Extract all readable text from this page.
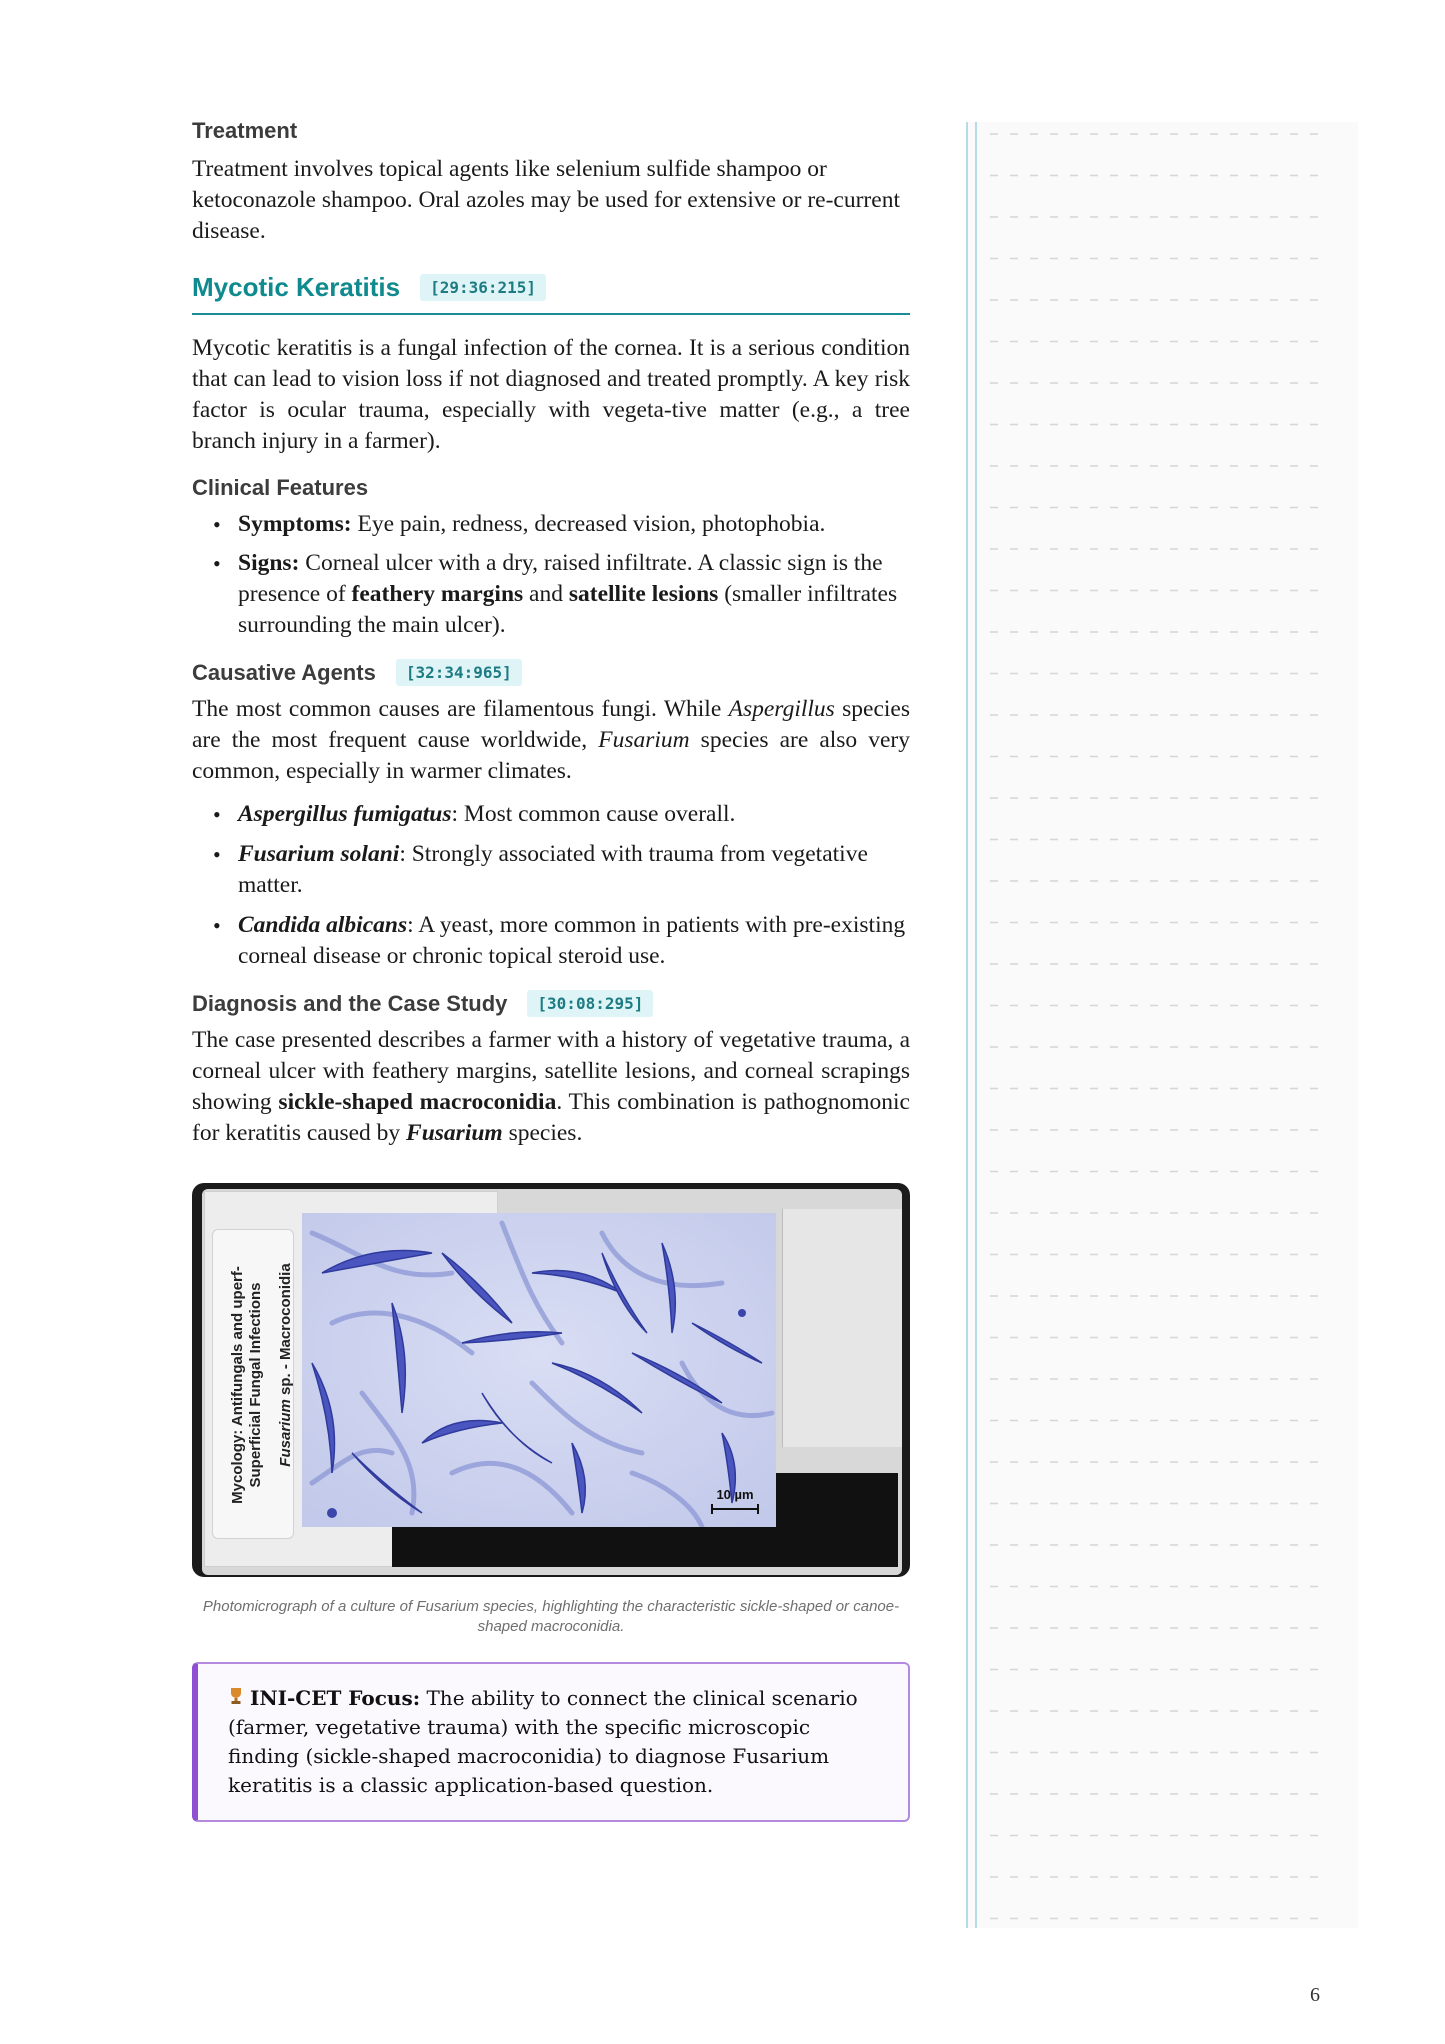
Treatment

Treatment involves topical agents like selenium sulfide shampoo or ketoconazole shampoo. Oral azoles may be used for extensive or re-current disease.

Mycotic Keratitis	[29:36:215]

Mycotic keratitis is a fungal infection of the cornea. It is a serious condition that can lead to vision loss if not diagnosed and treated promptly. A key risk factor is ocular trauma, especially with vegeta-tive matter (e.g., a tree branch injury in a farmer).

Clinical Features
• Symptoms: Eye pain, redness, decreased vision, photophobia.
• Signs: Corneal ulcer with a dry, raised infiltrate. A classic sign is the presence of feathery margins and satellite lesions (smaller infiltrates surrounding the main ulcer).
Causative Agents	[32:34:965]

The most common causes are filamentous fungi. While Aspergillus species are the most frequent cause worldwide, Fusarium species are also very common, especially in warmer climates.

• Aspergillus fumigatus: Most common cause overall.
• Fusarium solani: Strongly associated with trauma from vegetative matter.
• Candida albicans: A yeast, more common in patients with pre-existing corneal disease or chronic topical steroid use.
Diagnosis and the Case Study	[30:08:295]

The case presented describes a farmer with a history of vegetative trauma, a corneal ulcer with feathery margins, satellite lesions, and corneal scrapings showing sickle-shaped macroconidia. This combination is pathognomonic for keratitis caused by Fusarium species.

Mycology: Antifungals and uperf- Superficial Fungal Infections Fusarium sp. - Macroconidia
10 µm

Photomicrograph of a culture of Fusarium species, highlighting the characteristic sickle-shaped or canoe-shaped macroconidia.

INI-CET Focus: The ability to connect the clinical scenario (farmer, vegetative trauma) with the specific microscopic finding (sickle-shaped macroconidia) to diagnose Fusarium keratitis is a classic application-based question.
6
